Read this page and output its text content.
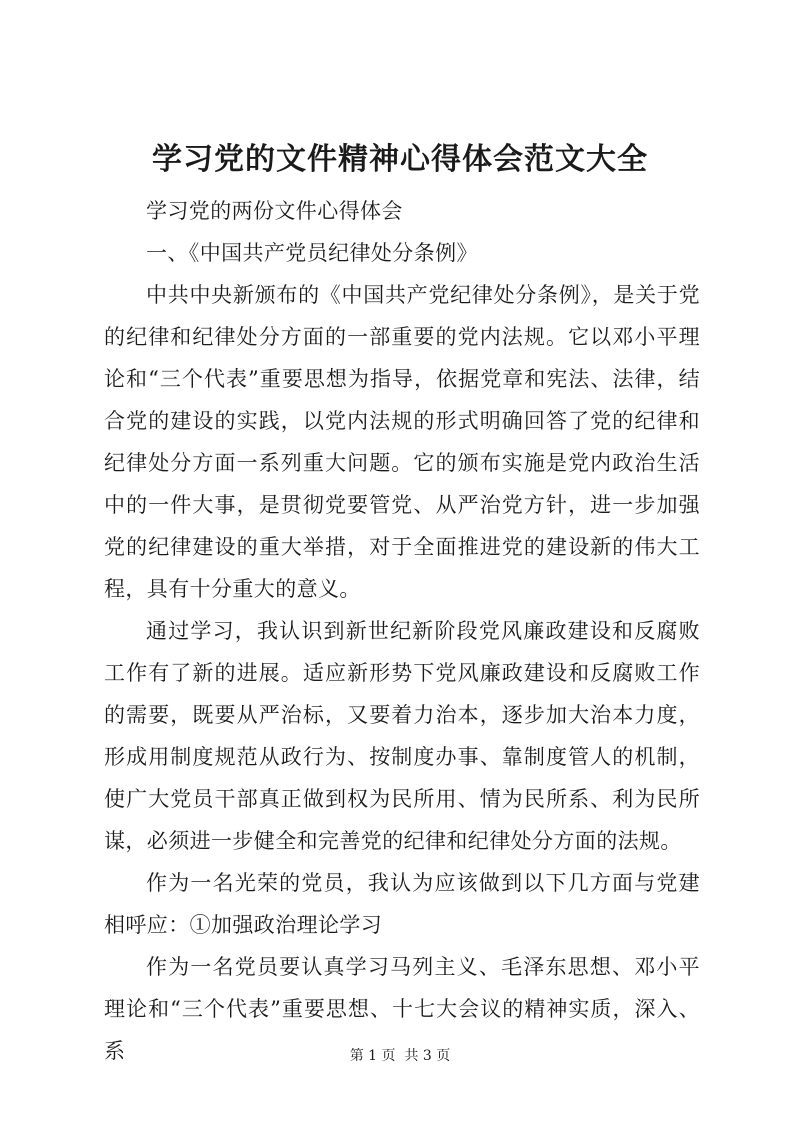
学习党的文件精神心得体会范文大全

学习党的两份文件心得体会

一、《中国共产党员纪律处分条例》

中共中央新颁布的《中国共产党纪律处分条例》，是关于党的纪律和纪律处分方面的一部重要的党内法规。它以邓小平理论和“三个代表”重要思想为指导，依据党章和宪法、法律，结合党的建设的实践，以党内法规的形式明确回答了党的纪律和纪律处分方面一系列重大问题。它的颁布实施是党内政治生活中的一件大事，是贯彻党要管党、从严治党方针，进一步加强党的纪律建设的重大举措，对于全面推进党的建设新的伟大工程，具有十分重大的意义。

通过学习，我认识到新世纪新阶段党风廉政建设和反腐败工作有了新的进展。适应新形势下党风廉政建设和反腐败工作的需要，既要从严治标，又要着力治本，逐步加大治本力度，形成用制度规范从政行为、按制度办事、靠制度管人的机制，使广大党员干部真正做到权为民所用、情为民所系、利为民所谋，必须进一步健全和完善党的纪律和纪律处分方面的法规。

作为一名光荣的党员，我认为应该做到以下几方面与党建相呼应：①加强政治理论学习

作为一名党员要认真学习马列主义、毛泽东思想、邓小平理论和“三个代表”重要思想、十七大会议的精神实质，深入、系	第 1 页  共 3 页
